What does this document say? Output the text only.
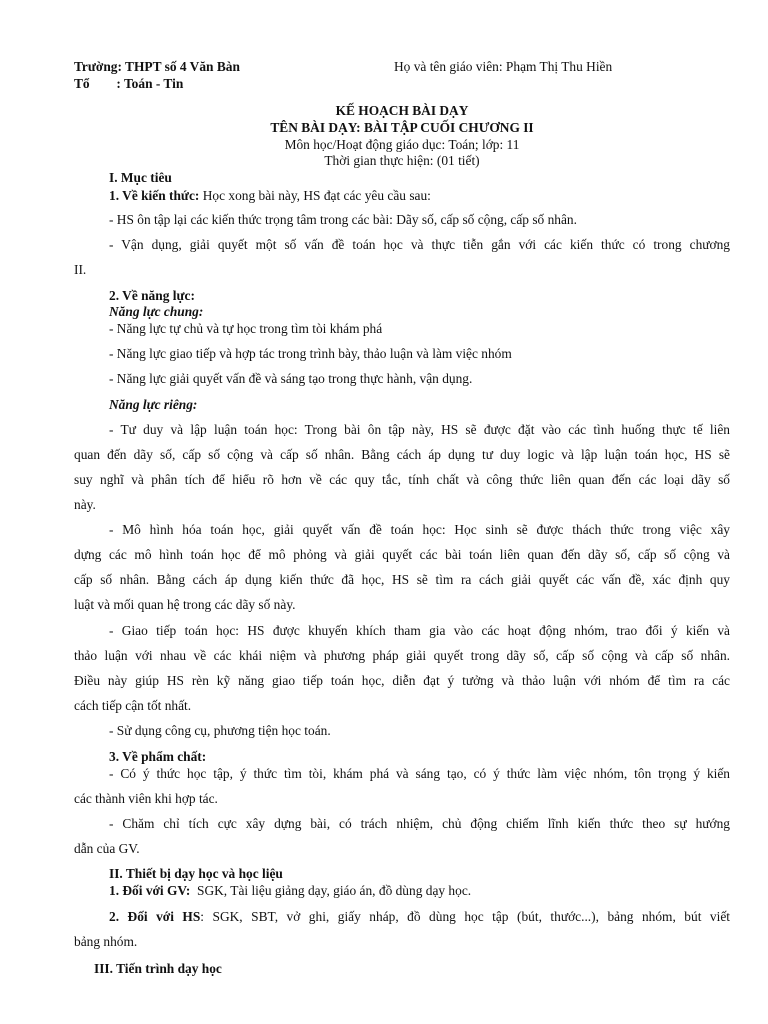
Trường: THPT số 4 Văn Bàn	Họ và tên giáo viên: Phạm Thị Thu Hiền
Tổ        : Toán - Tin
KẾ HOẠCH BÀI DẠY
TÊN BÀI DẠY: BÀI TẬP CUỐI CHƯƠNG II
Môn học/Hoạt động giáo dục: Toán; lớp: 11
Thời gian thực hiện: (01 tiết)
I. Mục tiêu
1. Về kiến thức: Học xong bài này, HS đạt các yêu cầu sau:
- HS ôn tập lại các kiến thức trọng tâm trong các bài: Dãy số, cấp số cộng, cấp số nhân.
- Vận dụng, giải quyết một số vấn đề toán học và thực tiễn gắn với các kiến thức có trong chương
II.
2. Về năng lực:
Năng lực chung:
- Năng lực tự chủ và tự học trong tìm tòi khám phá
- Năng lực giao tiếp và hợp tác trong trình bày, thảo luận và làm việc nhóm
- Năng lực giải quyết vấn đề và sáng tạo trong thực hành, vận dụng.
Năng lực riêng:
- Tư duy và lập luận toán học: Trong bài ôn tập này, HS sẽ được đặt vào các tình huống thực tế liên
quan đến dãy số, cấp số cộng và cấp số nhân. Bằng cách áp dụng tư duy logic và lập luận toán học, HS sẽ
suy nghĩ và phân tích để hiểu rõ hơn về các quy tắc, tính chất và công thức liên quan đến các loại dãy số
này.
- Mô hình hóa toán học, giải quyết vấn đề toán học: Học sinh sẽ được thách thức trong việc xây
dựng các mô hình toán học để mô phỏng và giải quyết các bài toán liên quan đến dãy số, cấp số cộng và
cấp số nhân. Bằng cách áp dụng kiến thức đã học, HS sẽ tìm ra cách giải quyết các vấn đề, xác định quy
luật và mối quan hệ trong các dãy số này.
- Giao tiếp toán học: HS được khuyến khích tham gia vào các hoạt động nhóm, trao đổi ý kiến và
thảo luận với nhau về các khái niệm và phương pháp giải quyết trong dãy số, cấp số cộng và cấp số nhân.
Điều này giúp HS rèn kỹ năng giao tiếp toán học, diễn đạt ý tưởng và thảo luận với nhóm để tìm ra các
cách tiếp cận tốt nhất.
- Sử dụng công cụ, phương tiện học toán.
3. Về phẩm chất:
- Có ý thức học tập, ý thức tìm tòi, khám phá và sáng tạo, có ý thức làm việc nhóm, tôn trọng ý kiến
các thành viên khi hợp tác.
- Chăm chỉ tích cực xây dựng bài, có trách nhiệm, chủ động chiếm lĩnh kiến thức theo sự hướng
dẫn của GV.
II. Thiết bị dạy học và học liệu
1. Đối với GV:  SGK, Tài liệu giảng dạy, giáo án, đồ dùng dạy học.
2. Đối với HS: SGK, SBT, vở ghi, giấy nháp, đồ dùng học tập (bút, thước...), bảng nhóm, bút viết
bảng nhóm.
III. Tiến trình dạy học
